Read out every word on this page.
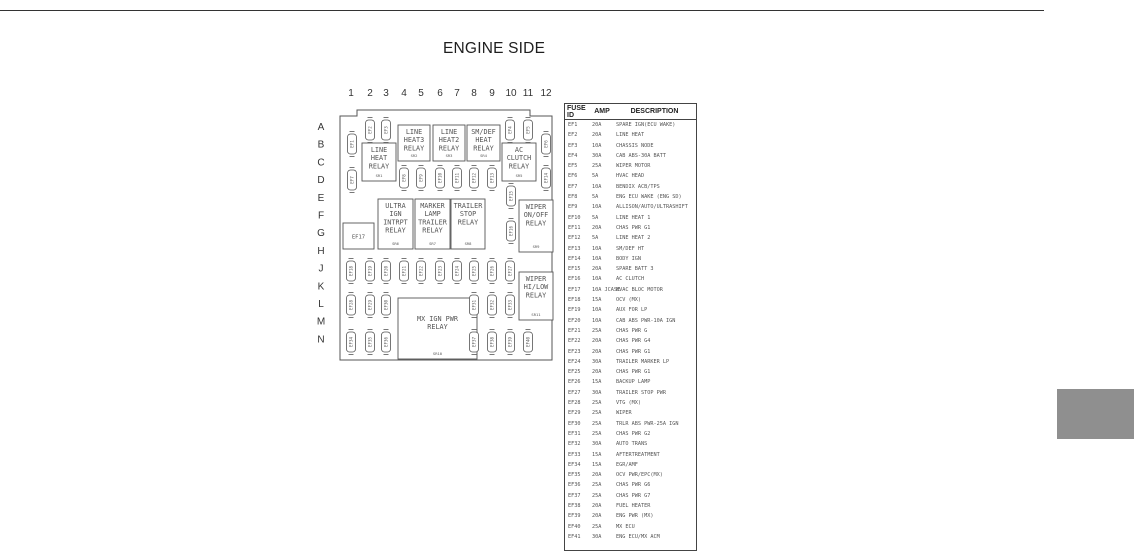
ENGINE SIDE
1 2 3 4 5 6 7 8 9 10 11 12
A
B
C
D
E
F
G
H
J
K
L
M
N
LINE
HEAT
RELAY
SR1
LINE
HEAT3
RELAY
SR2
LINE
HEAT2
RELAY
SR3
SM/DEF
HEAT
RELAY
SR4
AC
CLUTCH
RELAY
SR5
ULTRA
IGN
INTRPT
RELAY
SR6
MARKER
LAMP
TRAILER
RELAY
SR7
TRAILER
STOP
RELAY
SR8
WIPER
ON/OFF
RELAY
SR9
WIPER
HI/LOW
RELAY
SR11
MX IGN PWR
RELAY
SR10
EF17
EF1
EF2	EF3	EF4	EF5
EF6
EF7	EF8	EF9	EF10	EF11	EF12	EF13	EF14
EF15
EF16
EF18	EF19	EF20	EF21	EF22	EF23	EF24	EF25	EF26	EF27
EF28	EF29	EF30	EF31	EF32	EF33
EF34	EF35	EF36	EF37	EF38	EF39	EF40
FUSE ID	AMP	DESCRIPTION
EF1	20A	SPARE IGN(ECU WAKE)
EF2	20A	LINE HEAT
EF3	10A	CHASSIS NODE
EF4	30A	CAB ABS-30A BATT
EF5	25A	WIPER MOTOR
EF6	5A	HVAC HEAD
EF7	10A	BENDIX ACB/TPS
EF8	5A	ENG ECU WAKE (ENG SD)
EF9	10A	ALLISON/AUTO/ULTRASHIFT
EF10	5A	LINE HEAT 1
EF11	20A	CHAS PWR G1
EF12	5A	LINE HEAT 2
EF13	10A	SM/DEF HT
EF14	10A	BODY IGN
EF15	20A	SPARE BATT 3
EF16	10A	AC CLUTCH
EF17	10A JCASE	HVAC BLOC MOTOR
EF18	15A	OCV (MX)
EF19	10A	AUX FOR LP
EF20	10A	CAB ABS PWR-10A IGN
EF21	25A	CHAS PWR G
EF22	20A	CHAS PWR G4
EF23	20A	CHAS PWR G1
EF24	30A	TRAILER MARKER LP
EF25	20A	CHAS PWR G1
EF26	15A	BACKUP LAMP
EF27	30A	TRAILER STOP PWR
EF28	25A	VTG (MX)
EF29	25A	WIPER
EF30	25A	TRLR ABS PWR-25A IGN
EF31	25A	CHAS PWR G2
EF32	30A	AUTO TRANS
EF33	15A	AFTERTREATMENT
EF34	15A	EGR/AMF
EF35	20A	OCV PWR/EPC(MX)
EF36	25A	CHAS PWR G6
EF37	25A	CHAS PWR G7
EF38	20A	FUEL HEATER
EF39	20A	ENG PWR (MX)
EF40	25A	MX ECU
EF41	30A	ENG ECU/MX ACM
